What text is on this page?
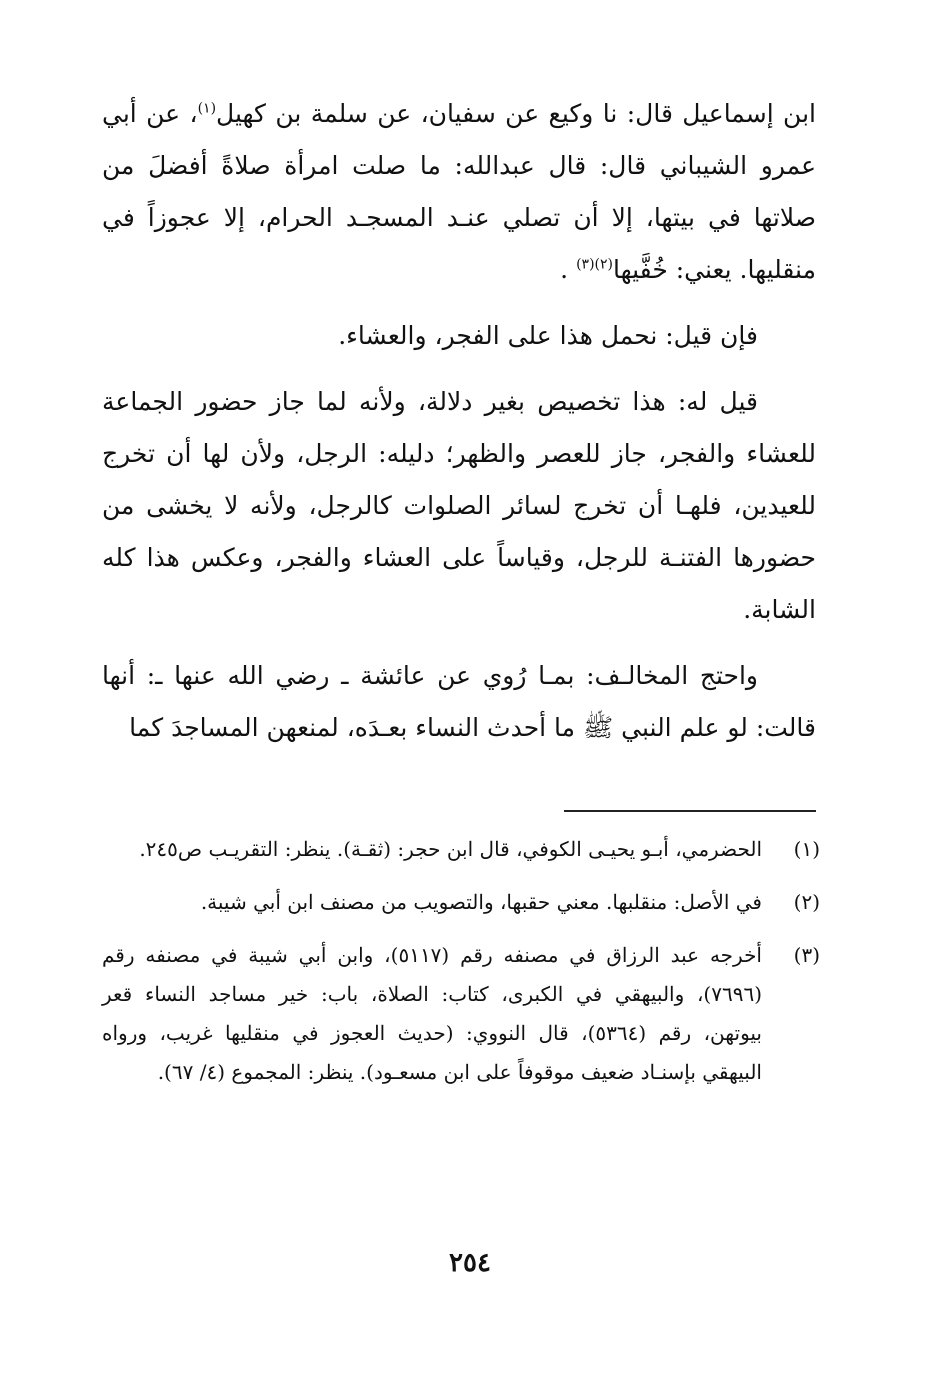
ابن إسماعيل قال: نا وكيع عن سفيان، عن سلمة بن كهيل$^{(١)}$، عن أبي عمرو الشيباني قال: قال عبدالله: ما صلت امرأة صلاةً أفضلَ من صلاتها في بيتها، إلا أن تصلي عنـد المسجـد الحرام، إلا عجوزاً في منقليها. يعني: خُفَّيها$^{(٢)(٣)}$ .

فإن قيل: نحمل هذا على الفجر، والعشاء.

قيل له: هذا تخصيص بغير دلالة، ولأنه لما جاز حضور الجماعة للعشاء والفجر، جاز للعصر والظهر؛ دليله: الرجل، ولأن لها أن تخرج للعيدين، فلهـا أن تخرج لسائر الصلوات كالرجل، ولأنه لا يخشى من حضورها الفتنـة للرجل، وقياساً على العشاء والفجر، وعكس هذا كله الشابة.

واحتج المخالـف: بمـا رُوي عن عائشة ـ رضي الله عنها ـ: أنها قالت: لو علم النبي ﷺ ما أحدث النساء بعـدَه، لمنعهن المساجدَ كما

(١)
الحضرمي، أبـو يحيـى الكوفي، قال ابن حجر: (ثقـة). ينظر: التقريـب ص٢٤٥.
(٢)
في الأصل: منقلبها. معني حقبها، والتصويب من مصنف ابن أبي شيبة.
(٣)
أخرجه عبد الرزاق في مصنفه رقم (٥١١٧)، وابن أبي شيبة في مصنفه رقم (٧٦٩٦)، والبيهقي في الكبرى، كتاب: الصلاة، باب: خير مساجد النساء قعر بيوتهن، رقم (٥٣٦٤)، قال النووي: (حديث العجوز في منقليها غريب، ورواه البيهقي بإسنـاد ضعيف موقوفاً على ابن مسعـود). ينظر: المجموع (٤/ ٦٧).
٢٥٤
